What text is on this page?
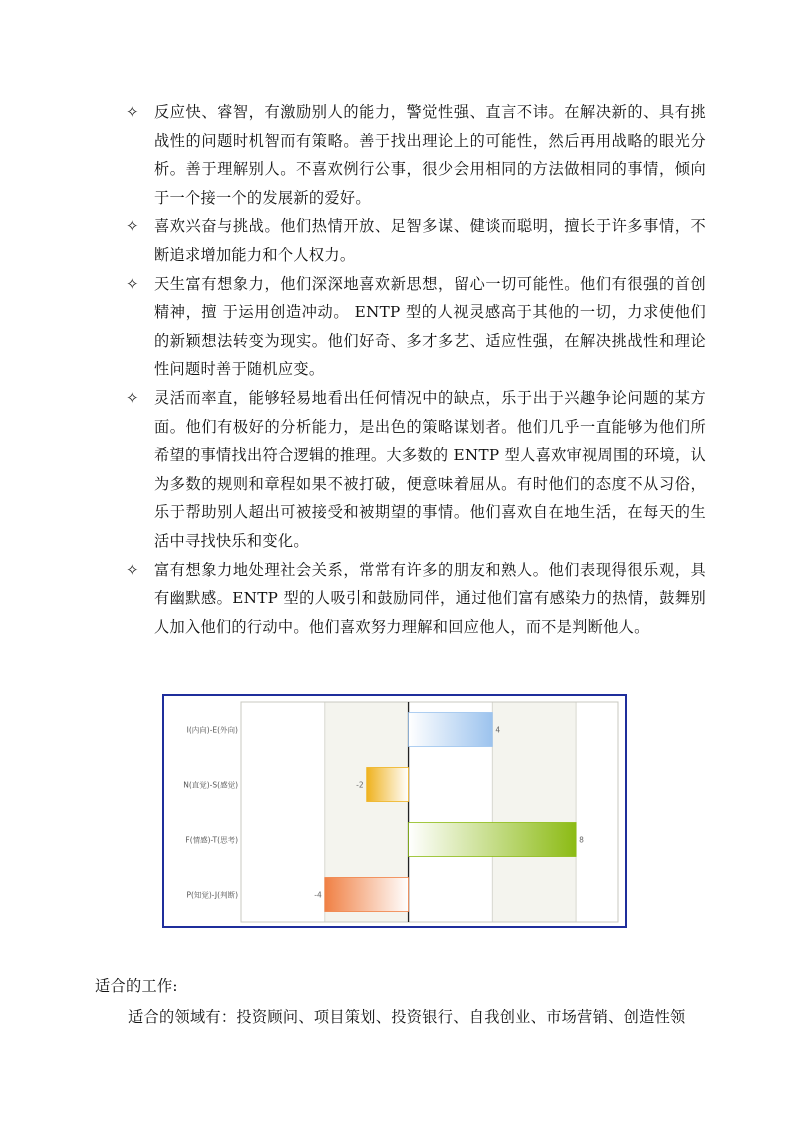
✧ 反应快、睿智，有激励别人的能力，警觉性强、直言不讳。在解决新的、具有挑战性的问题时机智而有策略。善于找出理论上的可能性，然后再用战略的眼光分析。善于理解别人。不喜欢例行公事，很少会用相同的方法做相同的事情，倾向于一个接一个的发展新的爱好。

✧ 喜欢兴奋与挑战。他们热情开放、足智多谋、健谈而聪明，擅长于许多事情，不断追求增加能力和个人权力。

✧ 天生富有想象力，他们深深地喜欢新思想，留心一切可能性。他们有很强的首创精神，擅 于运用创造冲动。 ENTP 型的人视灵感高于其他的一切，力求使他们的新颖想法转变为现实。他们好奇、多才多艺、适应性强，在解决挑战性和理论性问题时善于随机应变。

✧ 灵活而率直，能够轻易地看出任何情况中的缺点，乐于出于兴趣争论问题的某方面。他们有极好的分析能力，是出色的策略谋划者。他们几乎一直能够为他们所希望的事情找出符合逻辑的推理。大多数的 ENTP 型人喜欢审视周围的环境，认为多数的规则和章程如果不被打破，便意味着屈从。有时他们的态度不从习俗，乐于帮助别人超出可被接受和被期望的事情。他们喜欢自在地生活，在每天的生活中寻找快乐和变化。

✧ 富有想象力地处理社会关系，常常有许多的朋友和熟人。他们表现得很乐观，具有幽默感。ENTP 型的人吸引和鼓励同伴，通过他们富有感染力的热情，鼓舞别人加入他们的行动中。他们喜欢努力理解和回应他人，而不是判断他人。

I(内向)-E(外向)	4
N(直觉)-S(感觉)	-2
F(情感)-T(思考)	8
P(知觉)-J(判断)	-4
适合的工作:
适合的领域有：投资顾问、项目策划、投资银行、自我创业、市场营销、创造性领
